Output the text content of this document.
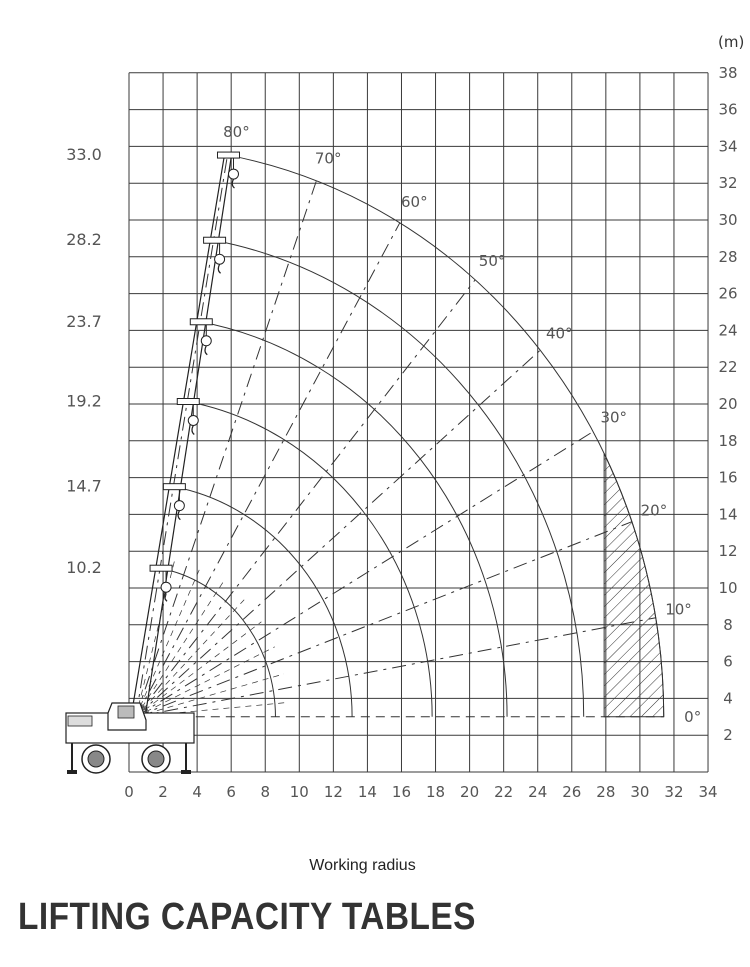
0 2 4 6 8 10 12 14 16 18 20 22 24 26 28 30 32 34
2
4
6
8
10
12
14
16
18
20
22
24
26
28
30
32
34
36
38
33.0
28.2
23.7
19.2
14.7
10.2
80°
70°
60°
50°
40°
30°
20°
10°
0°
(m)
Working radius
LIFTING CAPACITY TABLES
